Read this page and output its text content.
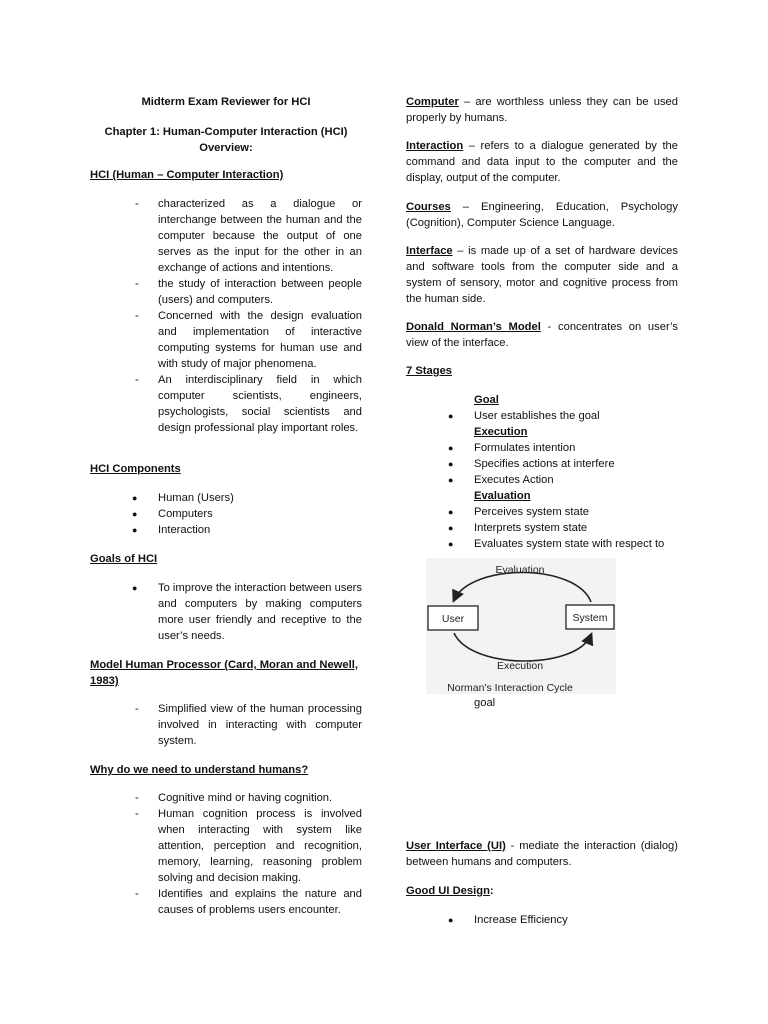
Midterm Exam Reviewer for HCI
Chapter 1: Human-Computer Interaction (HCI) Overview:
HCI (Human – Computer Interaction)
- characterized as a dialogue or interchange between the human and the computer because the output of one serves as the input for the other in an exchange of actions and intentions.
- the study of interaction between people (users) and computers.
- Concerned with the design evaluation and implementation of interactive computing systems for human use and with study of major phenomena.
- An interdisciplinary field in which computer scientists, engineers, psychologists, social scientists and design professional play important roles.
HCI Components
● Human (Users)
● Computers
● Interaction
Goals of HCI
● To improve the interaction between users and computers by making computers more user friendly and receptive to the user’s needs.
Model Human Processor (Card, Moran and Newell, 1983)
- Simplified view of the human processing involved in interacting with computer system.
Why do we need to understand humans?
- Cognitive mind or having cognition.
- Human cognition process is involved when interacting with system like attention, perception and recognition, memory, learning, reasoning problem solving and decision making.
- Identifies and explains the nature and causes of problems users encounter.
Computer – are worthless unless they can be used properly by humans.
Interaction – refers to a dialogue generated by the command and data input to the computer and the display, output of the computer.
Courses – Engineering, Education, Psychology (Cognition), Computer Science Language.
Interface – is made up of a set of hardware devices and software tools from the computer side and a system of sensory, motor and cognitive process from the human side.
Donald Norman’s Model - concentrates on user’s view of the interface.
7 Stages
Goal
● User establishes the goal
Execution
● Formulates intention
● Specifies actions at interfere
● Executes Action
Evaluation
● Perceives system state
● Interprets system state
● Evaluates system state with respect to
Evaluation
User	System
Execution
Norman's Interaction Cycle
goal
User Interface (UI) - mediate the interaction (dialog) between humans and computers.
Good UI Design:
● Increase Efficiency
